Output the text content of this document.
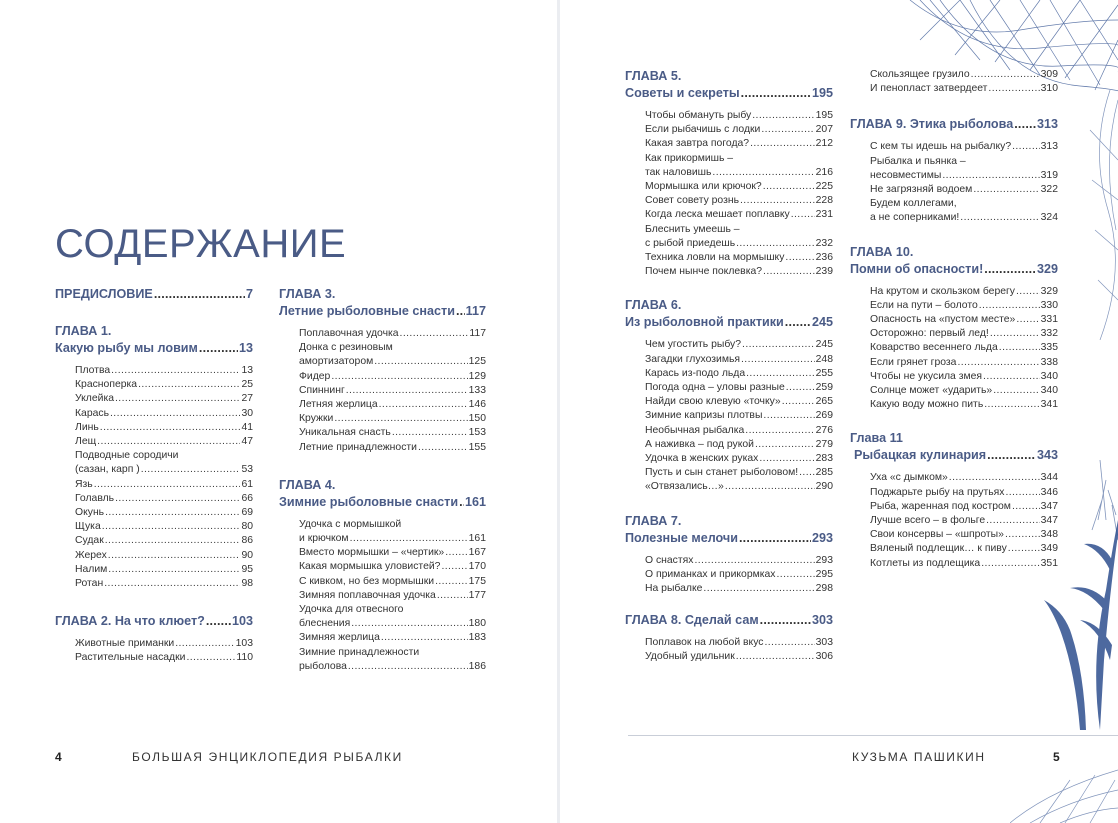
СОДЕРЖАНИЕ
ПРЕДИСЛОВИЕ .....	7
ГЛАВА 1.
Какую рыбу мы ловим .....	13
Плотва .....	13
Красноперка .....	25
Уклейка .....	27
Карась .....	30
Линь .....	41
Лещ .....	47
Подводные сородичи
(сазан, карп ) .....	53
Язь .....	61
Голавль .....	66
Окунь .....	69
Щука .....	80
Судак .....	86
Жерех .....	90
Налим .....	95
Ротан .....	98
ГЛАВА 2. На что клюет? ..... 103
Животные приманки .....	103
Растительные насадки .....	110
ГЛАВА 3.
Летние рыболовные снасти ..... 117
Поплавочная удочка .....	117
Донка с резиновым
амортизатором .....	125
Фидер .....	129
Спиннинг .....	133
Летняя жерлица .....	146
Кружки .....	150
Уникальная снасть .....	153
Летние принадлежности .....	155
ГЛАВА 4.
Зимние рыболовные снасти ..... 161
Удочка с мормышкой
и крючком .....	161
Вместо мормышки – «чертик» ..... 167
Какая мормышка уловистей? .....	170
С кивком, но без мормышки .....	175
Зимняя поплавочная удочка .....	177
Удочка для отвесного
блеснения .....	180
Зимняя жерлица .....	183
Зимние принадлежности
рыболова .....	186
ГЛАВА 5.
Советы и секреты .....	195
Чтобы обмануть рыбу .....	195
Если рыбачишь с лодки .....	207
Какая завтра погода? .....	212
Как прикормишь –
так наловишь .....	216
Мормышка или крючок? .....	225
Совет совету рознь .....	228
Когда леска мешает поплавку ..... 231
Блеснить умеешь –
с рыбой приедешь .....	232
Техника ловли на мормышку .....	236
Почем нынче поклевка? .....	239
ГЛАВА 6.
Из рыболовной практики ..... 245
Чем угостить рыбу? .....	245
Загадки глухозимья .....	248
Карась из-подо льда .....	255
Погода одна – уловы разные .....	259
Найди свою клевую «точку» .....	265
Зимние капризы плотвы .....	269
Необычная рыбалка .....	276
А наживка – под рукой .....	279
Удочка в женских руках .....	283
Пусть и сын станет рыболовом! ..... 285
«Отвязались…» .....	290
ГЛАВА 7.
Полезные мелочи .....	293
О снастях .....	293
О приманках и прикормках .....	295
На рыбалке .....	298
ГЛАВА 8. Сделай сам .....	303
Поплавок на любой вкус .....	303
Удобный удильник .....	306
Скользящее грузило .....	309
И пенопласт затвердеет .....	310
ГЛАВА 9. Этика рыболова ..... 313
С кем ты идешь на рыбалку? .....	313
Рыбалка и пьянка –
несовместимы .....	319
Не загрязняй водоем .....	322
Будем коллегами,
а не соперниками! .....	324
ГЛАВА 10.
Помни об опасности! .....	329
На крутом и скользком берегу ..... 329
Если на пути – болото .....	330
Опасность на «пустом месте» ..... 331
Осторожно: первый лед! .....	332
Коварство весеннего льда .....	335
Если грянет гроза .....	338
Чтобы не укусила змея .....	340
Солнце может «ударить» .....	340
Какую воду можно пить .....	341
Глава 11
Рыбацкая кулинария .....	343
Уха «с дымком» .....	344
Поджарьте рыбу на прутьях .....	346
Рыба, жаренная под костром .....	347
Лучше всего – в фольге .....	347
Свои консервы – «шпроты» .....	348
Вяленый подлещик… к пиву .....	349
Котлеты из подлещика .....	351
4	БОЛЬШАЯ ЭНЦИКЛОПЕДИЯ РЫБАЛКИ	КУЗЬМА ПАШИКИН	5
